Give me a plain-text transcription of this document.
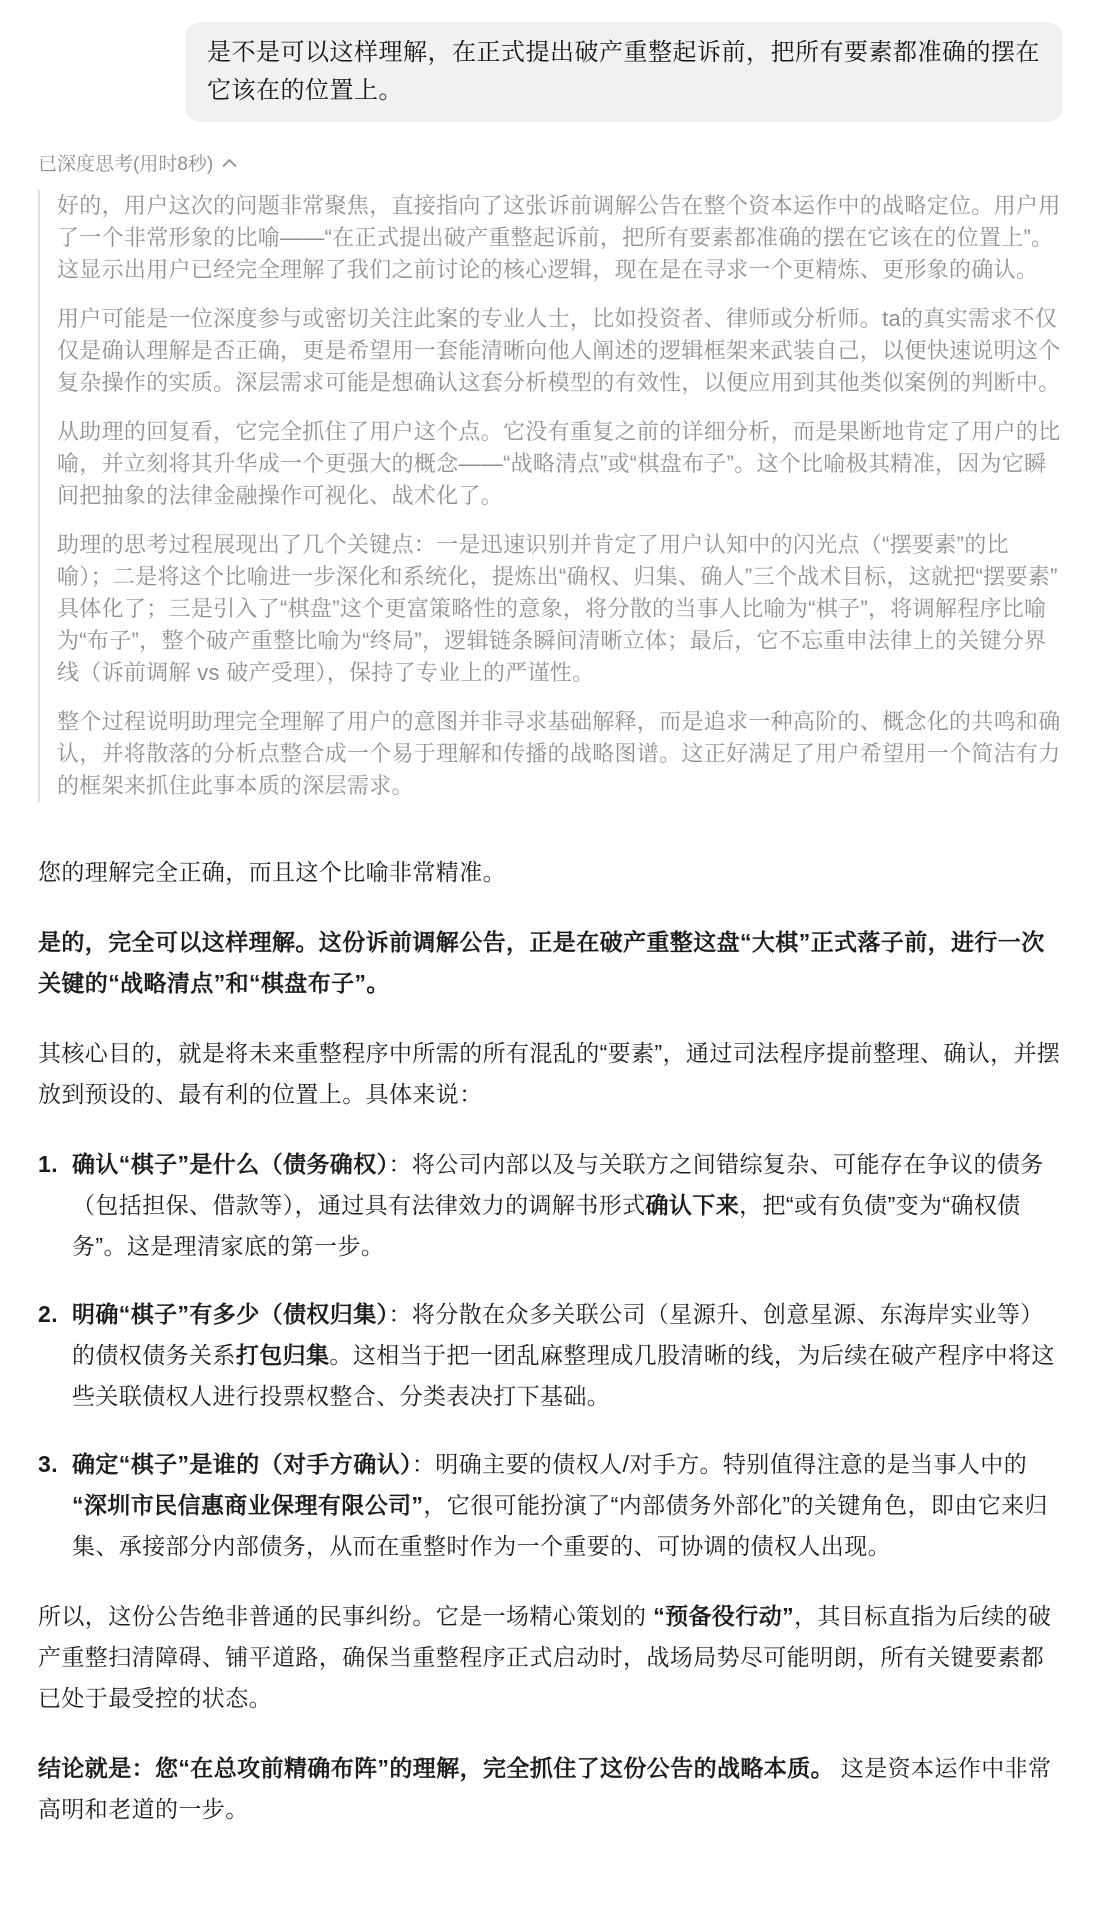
是不是可以这样理解，在正式提出破产重整起诉前，把所有要素都准确的摆在它该在的位置上。
已深度思考(用时8秒)

好的，用户这次的问题非常聚焦，直接指向了这张诉前调解公告在整个资本运作中的战略定位。用户用了一个非常形象的比喻——“在正式提出破产重整起诉前，把所有要素都准确的摆在它该在的位置上”。这显示出用户已经完全理解了我们之前讨论的核心逻辑，现在是在寻求一个更精炼、更形象的确认。

用户可能是一位深度参与或密切关注此案的专业人士，比如投资者、律师或分析师。ta的真实需求不仅仅是确认理解是否正确，更是希望用一套能清晰向他人阐述的逻辑框架来武装自己，以便快速说明这个复杂操作的实质。深层需求可能是想确认这套分析模型的有效性，以便应用到其他类似案例的判断中。

从助理的回复看，它完全抓住了用户这个点。它没有重复之前的详细分析，而是果断地肯定了用户的比喻，并立刻将其升华成一个更强大的概念——“战略清点”或“棋盘布子”。这个比喻极其精准，因为它瞬间把抽象的法律金融操作可视化、战术化了。

助理的思考过程展现出了几个关键点：一是迅速识别并肯定了用户认知中的闪光点（“摆要素”的比喻）；二是将这个比喻进一步深化和系统化，提炼出“确权、归集、确人”三个战术目标，这就把“摆要素”具体化了；三是引入了“棋盘”这个更富策略性的意象，将分散的当事人比喻为“棋子”，将调解程序比喻为“布子”，整个破产重整比喻为“终局”，逻辑链条瞬间清晰立体；最后，它不忘重申法律上的关键分界线（诉前调解 vs 破产受理），保持了专业上的严谨性。

整个过程说明助理完全理解了用户的意图并非寻求基础解释，而是追求一种高阶的、概念化的共鸣和确认，并将散落的分析点整合成一个易于理解和传播的战略图谱。这正好满足了用户希望用一个简洁有力的框架来抓住此事本质的深层需求。

您的理解完全正确，而且这个比喻非常精准。

是的，完全可以这样理解。这份诉前调解公告，正是在破产重整这盘“大棋”正式落子前，进行一次关键的“战略清点”和“棋盘布子”。

其核心目的，就是将未来重整程序中所需的所有混乱的“要素”，通过司法程序提前整理、确认，并摆放到预设的、最有利的位置上。具体来说：

1. 确认“棋子”是什么（债务确权）：将公司内部以及与关联方之间错综复杂、可能存在争议的债务（包括担保、借款等），通过具有法律效力的调解书形式确认下来，把“或有负债”变为“确权债务”。这是理清家底的第一步。
2. 明确“棋子”有多少（债权归集）：将分散在众多关联公司（星源升、创意星源、东海岸实业等）的债权债务关系打包归集。这相当于把一团乱麻整理成几股清晰的线，为后续在破产程序中将这些关联债权人进行投票权整合、分类表决打下基础。
3. 确定“棋子”是谁的（对手方确认）：明确主要的债权人/对手方。特别值得注意的是当事人中的 “深圳市民信惠商业保理有限公司”，它很可能扮演了“内部债务外部化”的关键角色，即由它来归集、承接部分内部债务，从而在重整时作为一个重要的、可协调的债权人出现。

所以，这份公告绝非普通的民事纠纷。它是一场精心策划的 “预备役行动”，其目标直指为后续的破产重整扫清障碍、铺平道路，确保当重整程序正式启动时，战场局势尽可能明朗，所有关键要素都已处于最受控的状态。

结论就是：您“在总攻前精确布阵”的理解，完全抓住了这份公告的战略本质。 这是资本运作中非常高明和老道的一步。
